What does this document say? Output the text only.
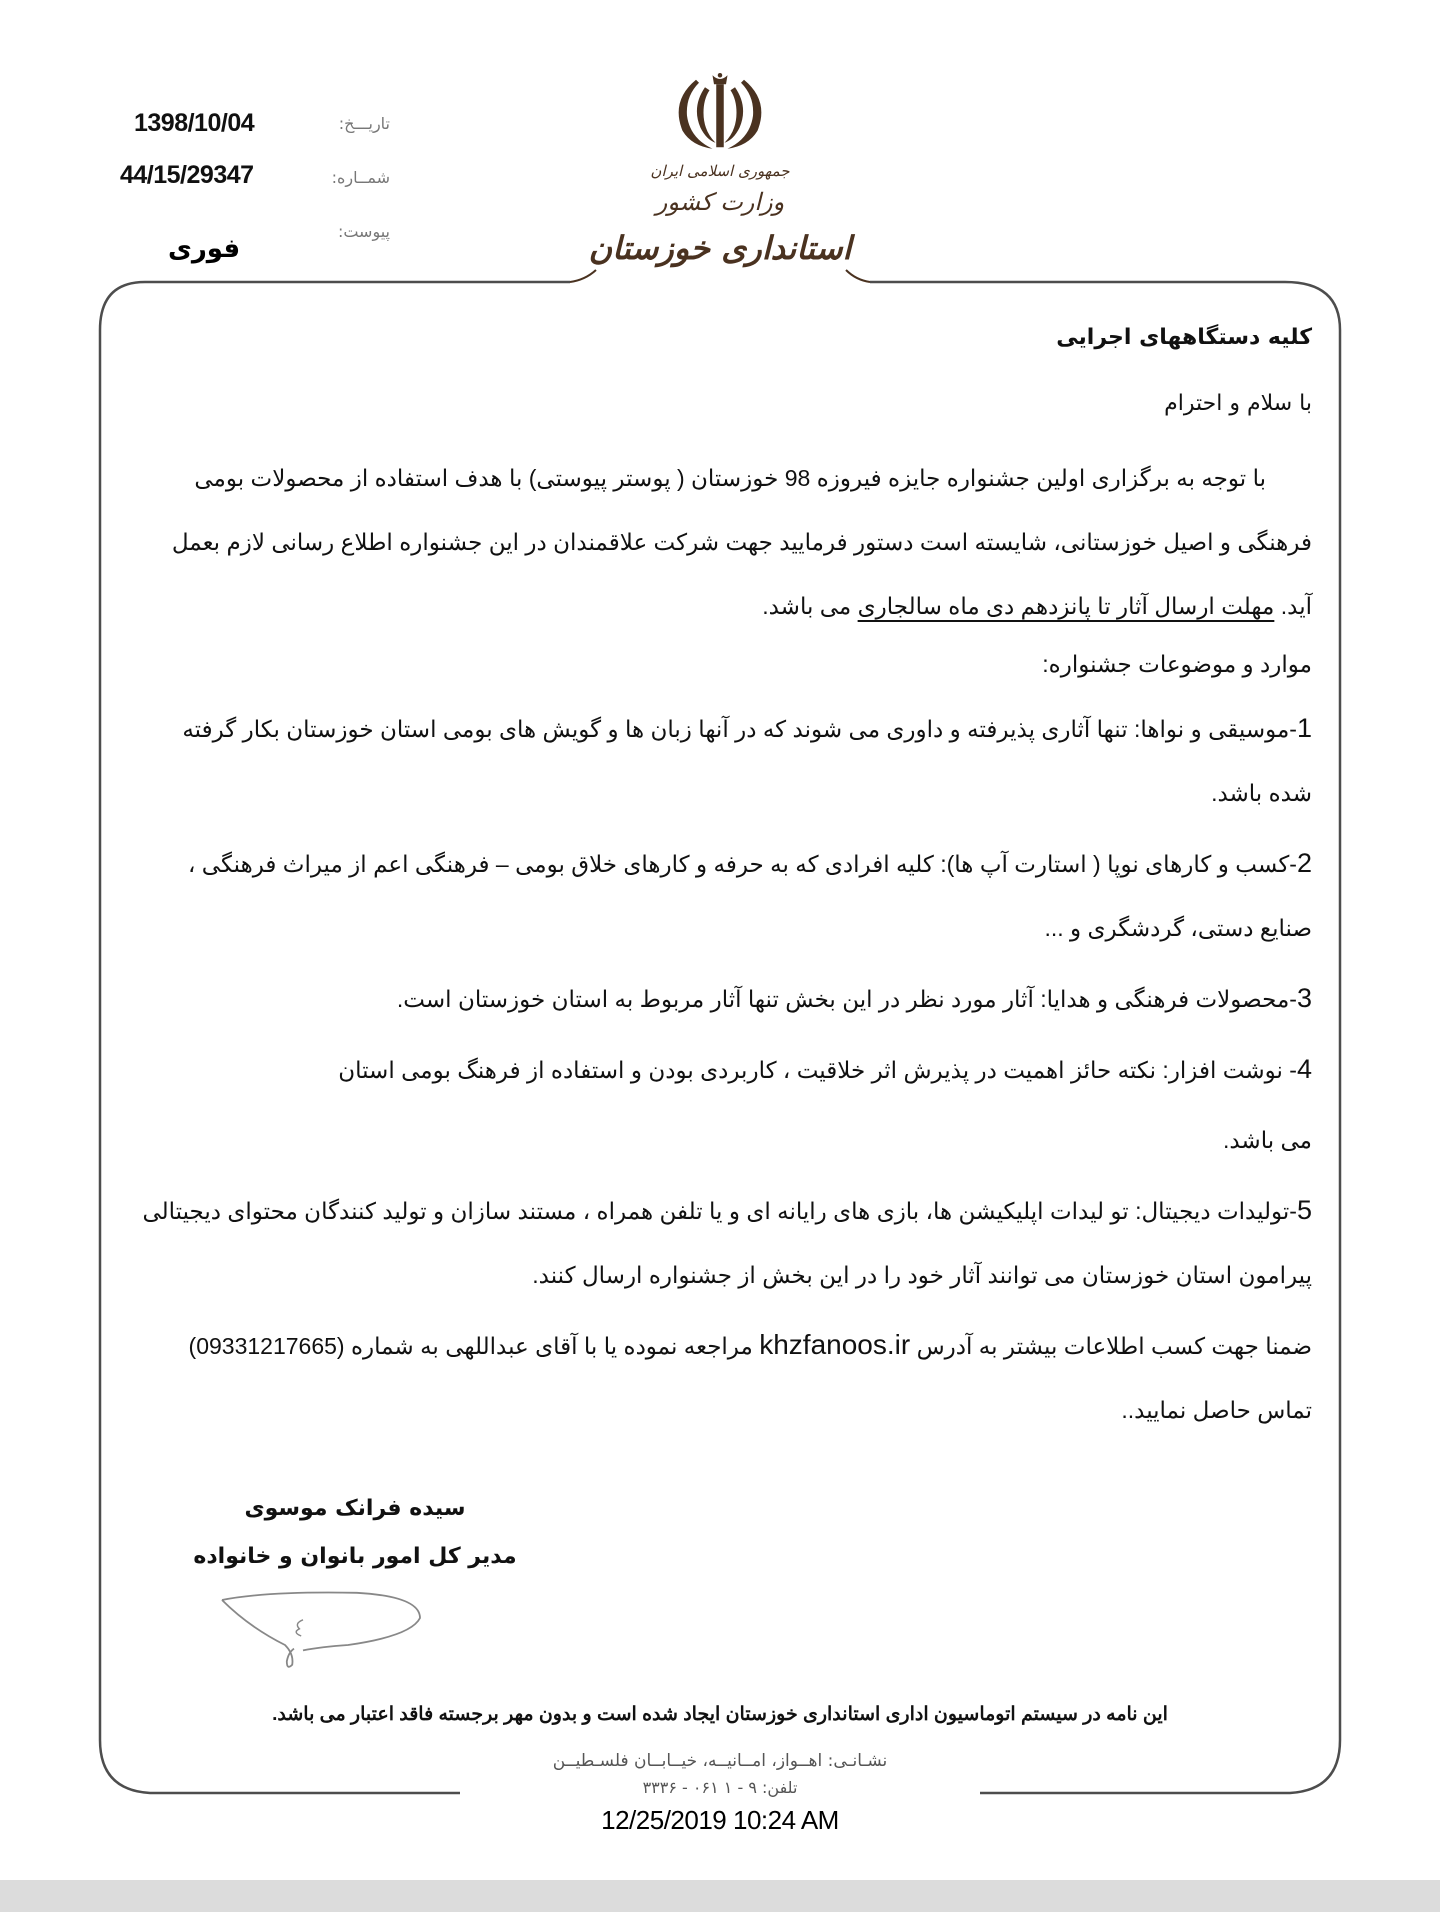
تاریـــخ:
1398/10/04
شمــاره:
44/15/29347
پیوست:
فوری
جمهوری اسلامی ایران
وزارت کشور
استانداری خوزستان
کلیه دستگاههای اجرایی
با سلام و احترام
با توجه به برگزاری اولین جشنواره جایزه فیروزه 98 خوزستان ( پوستر پیوستی) با هدف استفاده از محصولات بومی فرهنگی و اصیل خوزستانی، شایسته است دستور فرمایید جهت شرکت علاقمندان در این جشنواره اطلاع رسانی لازم بعمل آید. مهلت ارسال آثار تا پانزدهم دی ماه سالجاری می باشد.
موارد و موضوعات جشنواره:
1-موسیقی و نواها: تنها آثاری پذیرفته و داوری می شوند که در آنها زبان ها و گویش های بومی استان خوزستان بکار گرفته شده باشد.
2-کسب و کارهای نوپا ( استارت آپ ها): کلیه افرادی که به حرفه و کارهای خلاق بومی – فرهنگی اعم از میراث فرهنگی ، صنایع دستی، گردشگری و ...
3-محصولات فرهنگی و هدایا: آثار مورد نظر در این بخش تنها آثار مربوط به استان خوزستان است.
4- نوشت افزار: نکته حائز اهمیت در پذیرش اثر خلاقیت ، کاربردی بودن و استفاده از فرهنگ بومی استان
می باشد.
5-تولیدات دیجیتال: تو لیدات اپلیکیشن ها، بازی های رایانه ای و یا تلفن همراه ، مستند سازان و تولید کنندگان محتوای دیجیتالی پیرامون استان خوزستان می توانند آثار خود را در این بخش از جشنواره ارسال کنند.
ضمنا جهت کسب اطلاعات بیشتر به آدرس khzfanoos.ir مراجعه نموده یا با آقای عبداللهی به شماره (09331217665) تماس حاصل نمایید..
سیده فرانک موسوی
مدیر کل امور بانوان و خانواده
این نامه در سیستم اتوماسیون اداری استانداری خوزستان ایجاد شده است و بدون مهر برجسته فاقد اعتبار می باشد.
نشـانـی: اهــواز، امــانیــه، خیــابــان فلسـطیــن
تلفن: ۹ - ۱ ۰۶۱ - ۳۳۳۶
12/25/2019 10:24 AM
